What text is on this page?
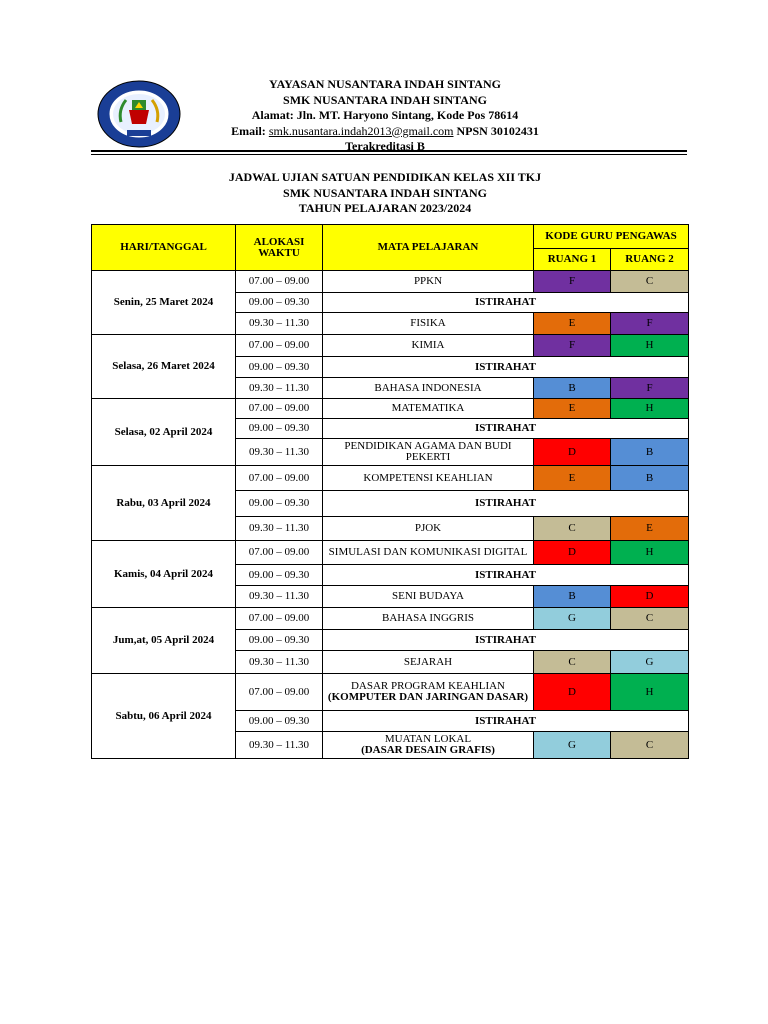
YAYASAN NUSANTARA INDAH SINTANG
SMK NUSANTARA INDAH SINTANG
Alamat: Jln. MT. Haryono Sintang, Kode Pos 78614
Email: smk.nusantara.indah2013@gmail.com NPSN 30102431
Terakreditasi B
JADWAL UJIAN SATUAN PENDIDIKAN KELAS XII TKJ
SMK NUSANTARA INDAH SINTANG
TAHUN PELAJARAN 2023/2024
HARI/TANGGAL	ALOKASI WAKTU	MATA PELAJARAN	KODE GURU PENGAWAS	
			RUANG 1	RUANG 2
Senin, 25 Maret 2024	07.00 – 09.00	PPKN	F	C
	09.00 – 09.30	ISTIRAHAT		
	09.30 – 11.30	FISIKA	E	F
Selasa, 26 Maret 2024	07.00 – 09.00	KIMIA	F	H
	09.00 – 09.30	ISTIRAHAT		
	09.30 – 11.30	BAHASA INDONESIA	B	F
Selasa, 02 April 2024	07.00 – 09.00	MATEMATIKA	E	H
	09.00 – 09.30	ISTIRAHAT		
	09.30 – 11.30	PENDIDIKAN AGAMA DAN BUDI PEKERTI	D	B
Rabu, 03 April 2024	07.00 – 09.00	KOMPETENSI KEAHLIAN	E	B
	09.00 – 09.30	ISTIRAHAT		
	09.30 – 11.30	PJOK	C	E
Kamis, 04 April 2024	07.00 – 09.00	SIMULASI DAN KOMUNIKASI DIGITAL	D	H
	09.00 – 09.30	ISTIRAHAT		
	09.30 – 11.30	SENI BUDAYA	B	D
Jum,at, 05 April 2024	07.00 – 09.00	BAHASA INGGRIS	G	C
	09.00 – 09.30	ISTIRAHAT		
	09.30 – 11.30	SEJARAH	C	G
Sabtu, 06 April 2024	07.00 – 09.00	DASAR PROGRAM KEAHLIAN
(KOMPUTER DAN JARINGAN DASAR)	D	H
	09.00 – 09.30	ISTIRAHAT		
	09.30 – 11.30	MUATAN LOKAL
(DASAR DESAIN GRAFIS)	G	C
